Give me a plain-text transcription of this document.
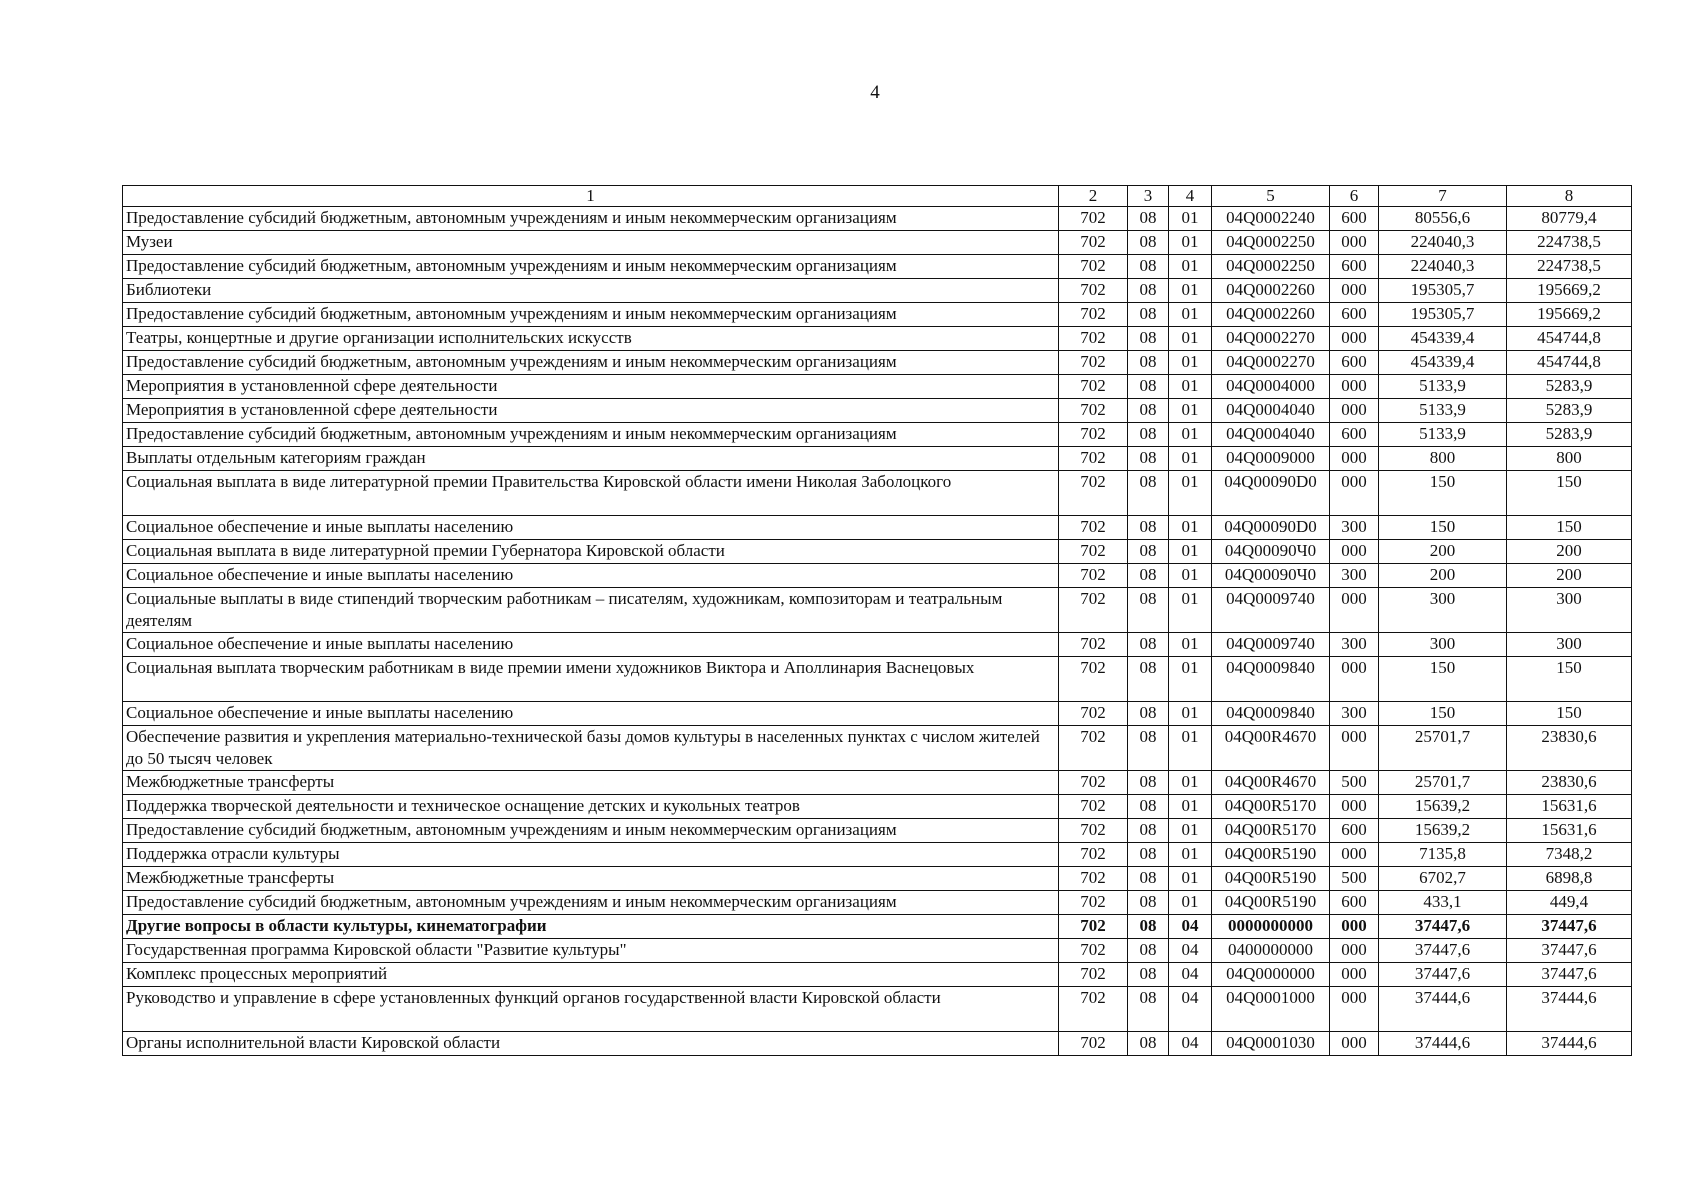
4
1	2	3	4	5	6	7	8
Предоставление субсидий бюджетным, автономным учреждениям и иным некоммерческим организациям	702	08	01	04Q0002240	600	80556,6	80779,4
Музеи	702	08	01	04Q0002250	000	224040,3	224738,5
Предоставление субсидий бюджетным, автономным учреждениям и иным некоммерческим организациям	702	08	01	04Q0002250	600	224040,3	224738,5
Библиотеки	702	08	01	04Q0002260	000	195305,7	195669,2
Предоставление субсидий бюджетным, автономным учреждениям и иным некоммерческим организациям	702	08	01	04Q0002260	600	195305,7	195669,2
Театры, концертные и другие организации исполнительских искусств	702	08	01	04Q0002270	000	454339,4	454744,8
Предоставление субсидий бюджетным, автономным учреждениям и иным некоммерческим организациям	702	08	01	04Q0002270	600	454339,4	454744,8
Мероприятия в установленной сфере деятельности	702	08	01	04Q0004000	000	5133,9	5283,9
Мероприятия в установленной сфере деятельности	702	08	01	04Q0004040	000	5133,9	5283,9
Предоставление субсидий бюджетным, автономным учреждениям и иным некоммерческим организациям	702	08	01	04Q0004040	600	5133,9	5283,9
Выплаты отдельным категориям граждан	702	08	01	04Q0009000	000	800	800
Социальная выплата в виде литературной премии Правительства Кировской области имени Николая Заболоцкого	702	08	01	04Q00090D0	000	150	150
Социальное обеспечение и иные выплаты населению	702	08	01	04Q00090D0	300	150	150
Социальная выплата в виде литературной премии Губернатора Кировской области	702	08	01	04Q00090Ч0	000	200	200
Социальное обеспечение и иные выплаты населению	702	08	01	04Q00090Ч0	300	200	200
Социальные выплаты в виде стипендий творческим работникам – писателям, художникам, композиторам и театральным деятелям	702	08	01	04Q0009740	000	300	300
Социальное обеспечение и иные выплаты населению	702	08	01	04Q0009740	300	300	300
Социальная выплата творческим работникам в виде премии имени художников Виктора и Аполлинария Васнецовых	702	08	01	04Q0009840	000	150	150
Социальное обеспечение и иные выплаты населению	702	08	01	04Q0009840	300	150	150
Обеспечение развития и укрепления материально-технической базы домов культуры в населенных пунктах с числом жителей до 50 тысяч человек	702	08	01	04Q00R4670	000	25701,7	23830,6
Межбюджетные трансферты	702	08	01	04Q00R4670	500	25701,7	23830,6
Поддержка творческой деятельности и техническое оснащение детских и кукольных театров	702	08	01	04Q00R5170	000	15639,2	15631,6
Предоставление субсидий бюджетным, автономным учреждениям и иным некоммерческим организациям	702	08	01	04Q00R5170	600	15639,2	15631,6
Поддержка отрасли культуры	702	08	01	04Q00R5190	000	7135,8	7348,2
Межбюджетные трансферты	702	08	01	04Q00R5190	500	6702,7	6898,8
Предоставление субсидий бюджетным, автономным учреждениям и иным некоммерческим организациям	702	08	01	04Q00R5190	600	433,1	449,4
Другие вопросы в области культуры, кинематографии	702	08	04	0000000000	000	37447,6	37447,6
Государственная программа Кировской области "Развитие культуры"	702	08	04	0400000000	000	37447,6	37447,6
Комплекс процессных мероприятий	702	08	04	04Q0000000	000	37447,6	37447,6
Руководство и управление в сфере установленных функций органов государственной власти Кировской области	702	08	04	04Q0001000	000	37444,6	37444,6
Органы исполнительной власти Кировской области	702	08	04	04Q0001030	000	37444,6	37444,6
